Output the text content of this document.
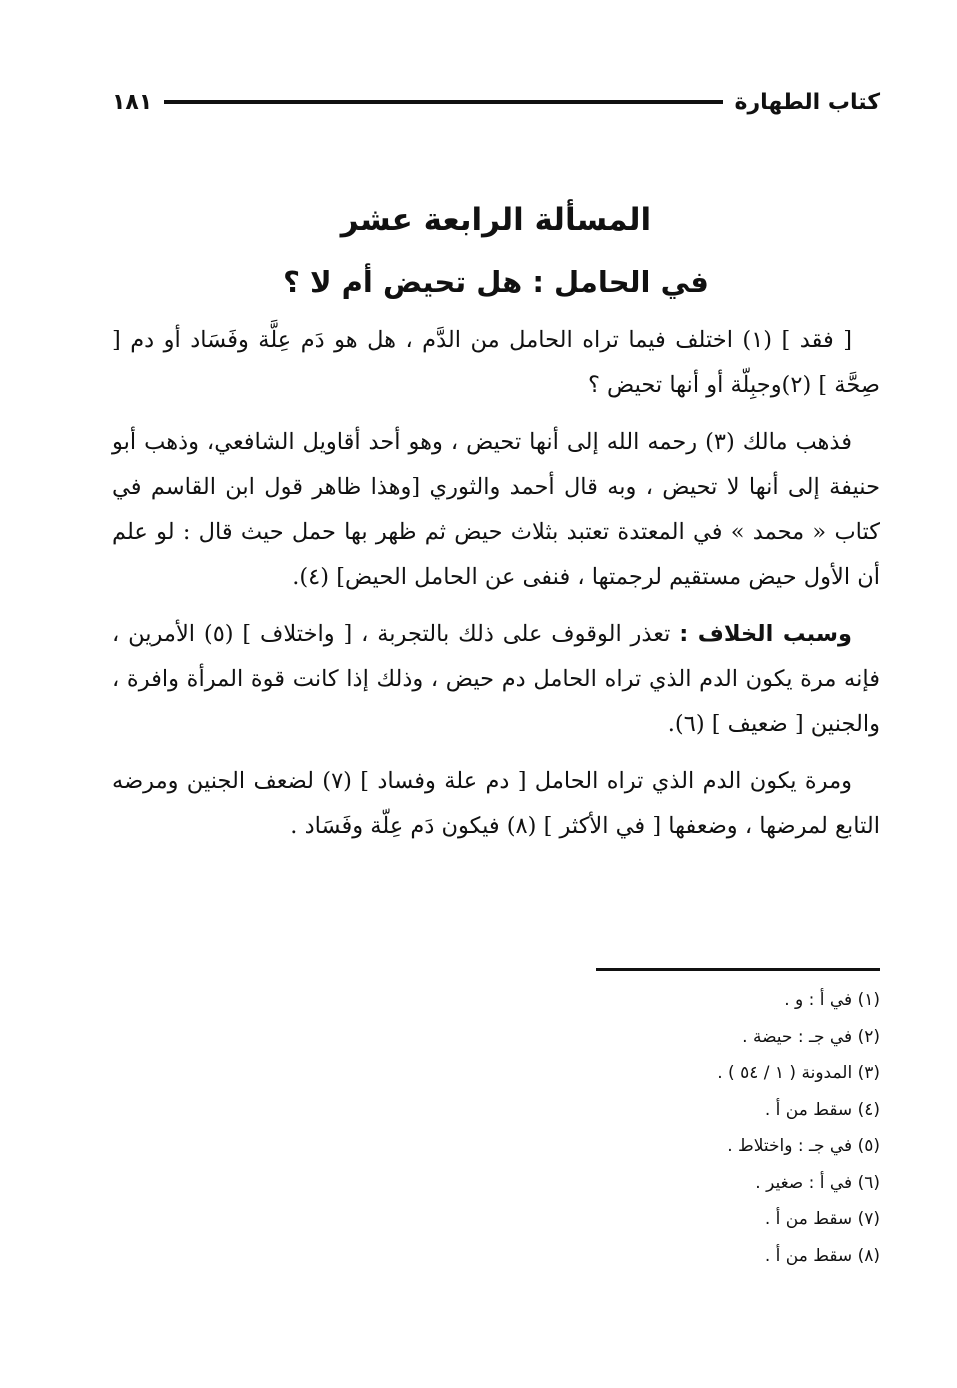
كتاب الطهارة
١٨١
المسألة الرابعة عشر
في الحامل : هل تحيض أم لا ؟

[ فقد ] (١) اختلف فيما تراه الحامل من الدَّم ، هل هو دَم عِلَّة وفَسَاد أو دم [ صِحَّة ] (٢)وجبِلّة أو أنها تحيض ؟

فذهب مالك (٣) رحمه الله إلى أنها تحيض ، وهو أحد أقاويل الشافعي، وذهب أبو حنيفة إلى أنها لا تحيض ، وبه قال أحمد والثوري [وهذا ظاهر قول ابن القاسم في كتاب « محمد » في المعتدة تعتبد بثلاث حيض ثم ظهر بها حمل حيث قال : لو علم أن الأول حيض مستقيم لرجمتها ، فنفى عن الحامل الحيض] (٤).

وسبب الخلاف : تعذر الوقوف على ذلك بالتجربة ، [ واختلاف ] (٥) الأمرين ، فإنه مرة يكون الدم الذي تراه الحامل دم حيض ، وذلك إذا كانت قوة المرأة وافرة ، والجنين [ ضعيف ] (٦).

ومرة يكون الدم الذي تراه الحامل [ دم علة وفساد ] (٧) لضعف الجنين ومرضه التابع لمرضها ، وضعفها [ في الأكثر ] (٨) فيكون دَم عِلّة وفَسَاد .

(١) في أ : و .
(٢) في جـ : حيضة .
(٣) المدونة ( ١ / ٥٤ ) .
(٤) سقط من أ .
(٥) في جـ : واختلاط .
(٦) في أ : صغير .
(٧) سقط من أ .
(٨) سقط من أ .
